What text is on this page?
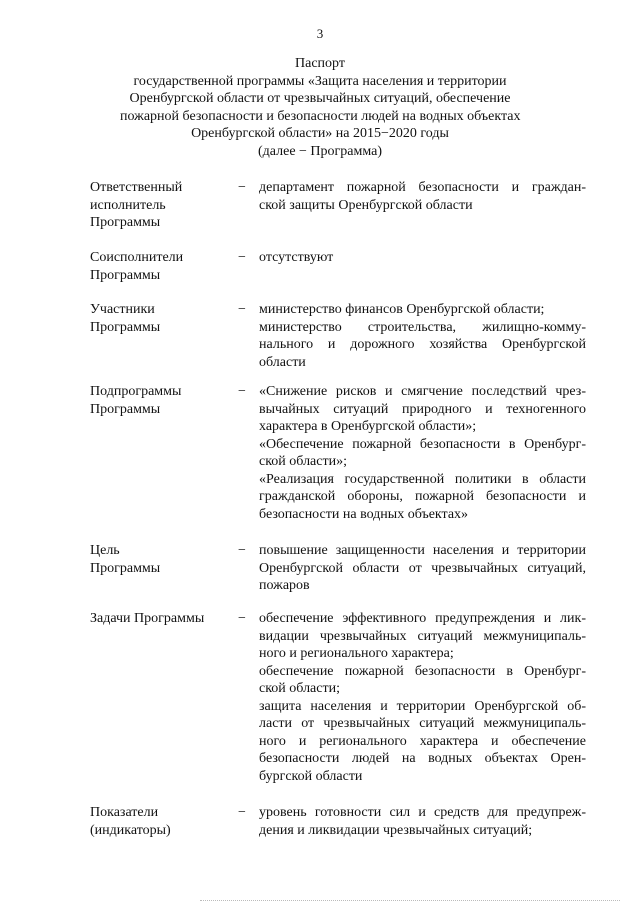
3
Паспорт
государственной программы «Защита населения и территории
Оренбургской области от чрезвычайных ситуаций, обеспечение
пожарной безопасности и безопасности людей на водных объектах
Оренбургской области» на 2015−2020 годы
(далее − Программа)
Ответственный
исполнитель
Программы
− департамент пожарной безопасности и граждан-
ской защиты Оренбургской области
Соисполнители
Программы
− отсутствуют
Участники
Программы
− министерство финансов Оренбургской области;
министерство строительства, жилищно-комму-
нального и дорожного хозяйства Оренбургской
области
Подпрограммы
Программы
− «Снижение рисков и смягчение последствий чрез-
вычайных ситуаций природного и техногенного
характера в Оренбургской области»;
«Обеспечение пожарной безопасности в Оренбург-
ской области»;
«Реализация государственной политики в области
гражданской обороны, пожарной безопасности и
безопасности на водных объектах»
Цель
Программы
− повышение защищенности населения и территории
Оренбургской области от чрезвычайных ситуаций,
пожаров
Задачи Программы	− обеспечение эффективного предупреждения и лик-
видации чрезвычайных ситуаций межмуниципаль-
ного и регионального характера;
обеспечение пожарной безопасности в Оренбург-
ской области;
защита населения и территории Оренбургской об-
ласти от чрезвычайных ситуаций межмуниципаль-
ного и регионального характера и обеспечение
безопасности людей на водных объектах Орен-
бургской области
Показатели
(индикаторы)
− уровень готовности сил и средств для предупреж-
дения и ликвидации чрезвычайных ситуаций;
